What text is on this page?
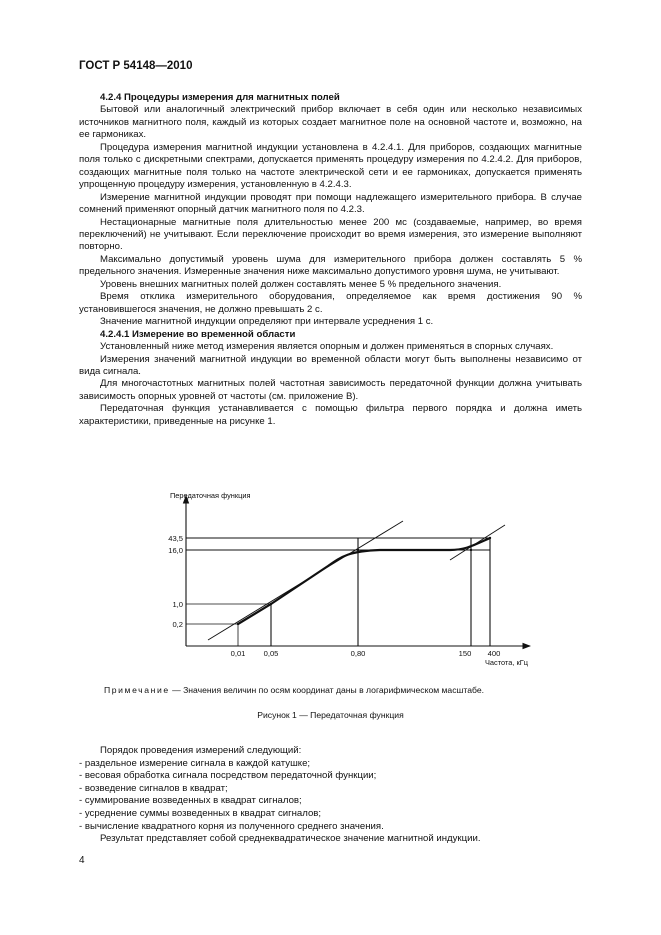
ГОСТ Р 54148—2010

4.2.4 Процедуры измерения для магнитных полей

Бытовой или аналогичный электрический прибор включает в себя один или несколько независимых источников магнитного поля, каждый из которых создает магнитное поле на основной частоте и, возможно, на ее гармониках.

Процедура измерения магнитной индукции установлена в 4.2.4.1. Для приборов, создающих магнитные поля только с дискретными спектрами, допускается применять процедуру измерения по 4.2.4.2. Для приборов, создающих магнитные поля только на частоте электрической сети и ее гармониках, допускается применять упрощенную процедуру измерения, установленную в 4.2.4.3.

Измерение магнитной индукции проводят при помощи надлежащего измерительного прибора. В случае сомнений применяют опорный датчик магнитного поля по 4.2.3.

Нестационарные магнитные поля длительностью менее 200 мс (создаваемые, например, во время переключений) не учитывают. Если переключение происходит во время измерения, это измерение выполняют повторно.

Максимально допустимый уровень шума для измерительного прибора должен составлять 5 % предельного значения. Измеренные значения ниже максимально допустимого уровня шума, не учитывают.

Уровень внешних магнитных полей должен составлять менее 5 % предельного значения.

Время отклика измерительного оборудования, определяемое как время достижения 90 % установившегося значения, не должно превышать 2 с.

Значение магнитной индукции определяют при интервале усреднения 1 с.

4.2.4.1 Измерение во временной области

Установленный ниже метод измерения является опорным и должен применяться в спорных случаях.

Измерения значений магнитной индукции во временной области могут быть выполнены независимо от вида сигнала.

Для многочастотных магнитных полей частотная зависимость передаточной функции должна учитывать зависимость опорных уровней от частоты (см. приложение В).

Передаточная функция устанавливается с помощью фильтра первого порядка и должна иметь характеристики, приведенные на рисунке 1.

Передаточная функция
Частота, кГц
0,2
1,0
16,0
43,5
0,01 0,05	0,80	150 400
Примечание — Значения величин по осям координат даны в логарифмическом масштабе.
Рисунок 1 — Передаточная функция
Порядок проведения измерений следующий:
- раздельное измерение сигнала в каждой катушке;
- весовая обработка сигнала посредством передаточной функции;
- возведение сигналов в квадрат;
- суммирование возведенных в квадрат сигналов;
- усреднение суммы возведенных в квадрат сигналов;
- вычисление квадратного корня из полученного среднего значения.
Результат представляет собой среднеквадратическое значение магнитной индукции.
4
